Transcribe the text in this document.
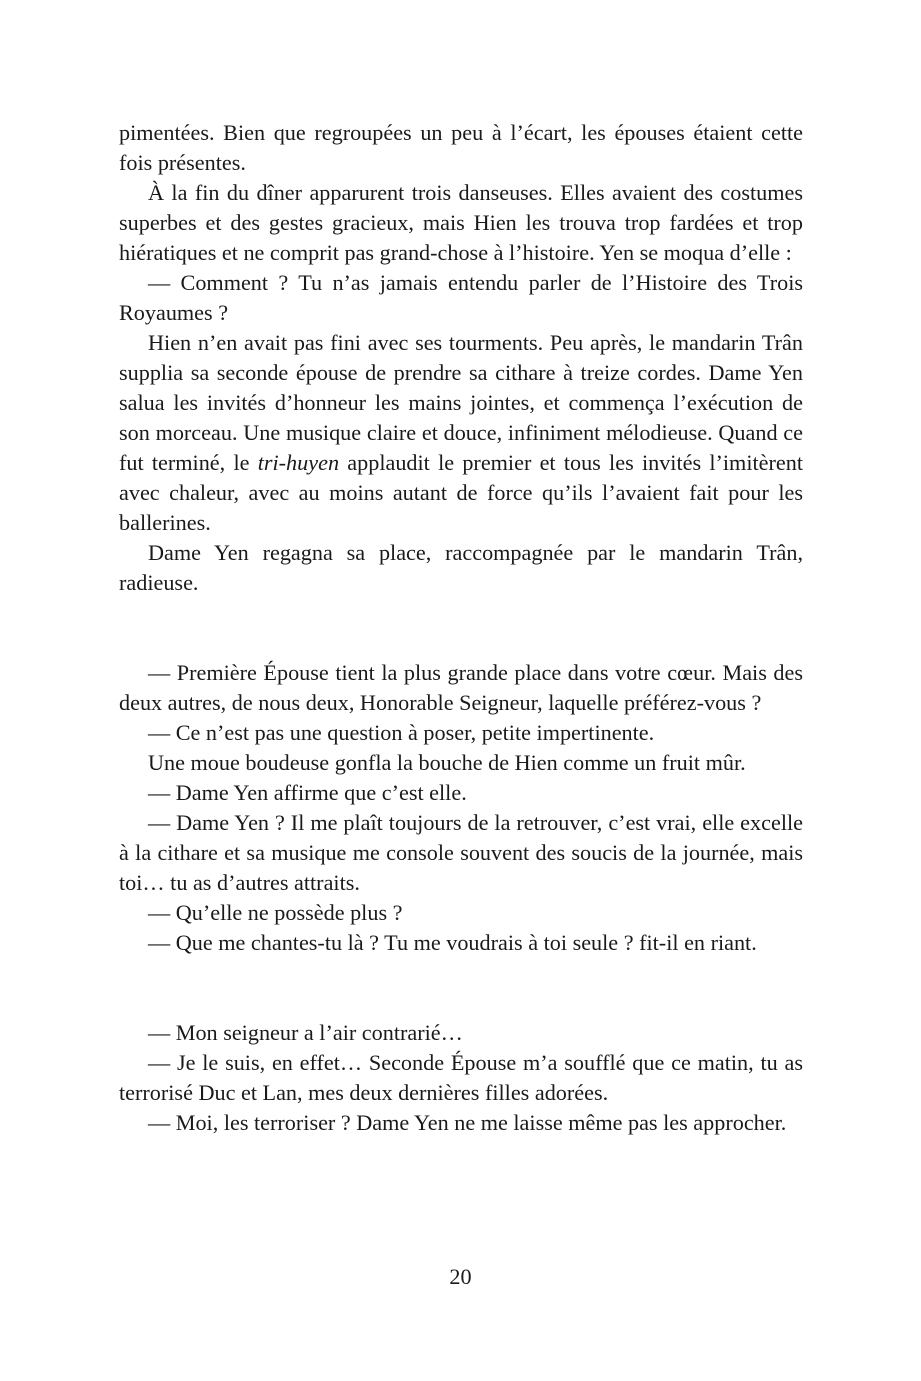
pimentées. Bien que regroupées un peu à l’écart, les épouses étaient cette fois présentes.

À la fin du dîner apparurent trois danseuses. Elles avaient des costumes superbes et des gestes gracieux, mais Hien les trouva trop fardées et trop hiératiques et ne comprit pas grand-chose à l’histoire. Yen se moqua d’elle :

— Comment ? Tu n’as jamais entendu parler de l’Histoire des Trois Royaumes ?

Hien n’en avait pas fini avec ses tourments. Peu après, le mandarin Trân supplia sa seconde épouse de prendre sa cithare à treize cordes. Dame Yen salua les invités d’honneur les mains jointes, et commença l’exécution de son morceau. Une musique claire et douce, infiniment mélodieuse. Quand ce fut terminé, le tri-huyen applaudit le premier et tous les invités l’imitèrent avec chaleur, avec au moins autant de force qu’ils l’avaient fait pour les ballerines.

Dame Yen regagna sa place, raccompagnée par le mandarin Trân, radieuse.

— Première Épouse tient la plus grande place dans votre cœur. Mais des deux autres, de nous deux, Honorable Seigneur, laquelle préférez-vous ?

— Ce n’est pas une question à poser, petite impertinente.

Une moue boudeuse gonfla la bouche de Hien comme un fruit mûr.

— Dame Yen affirme que c’est elle.

— Dame Yen ? Il me plaît toujours de la retrouver, c’est vrai, elle excelle à la cithare et sa musique me console souvent des soucis de la journée, mais toi… tu as d’autres attraits.

— Qu’elle ne possède plus ?

— Que me chantes-tu là ? Tu me voudrais à toi seule ? fit-il en riant.

— Mon seigneur a l’air contrarié…

— Je le suis, en effet… Seconde Épouse m’a soufflé que ce matin, tu as terrorisé Duc et Lan, mes deux dernières filles adorées.

— Moi, les terroriser ? Dame Yen ne me laisse même pas les approcher.

20
